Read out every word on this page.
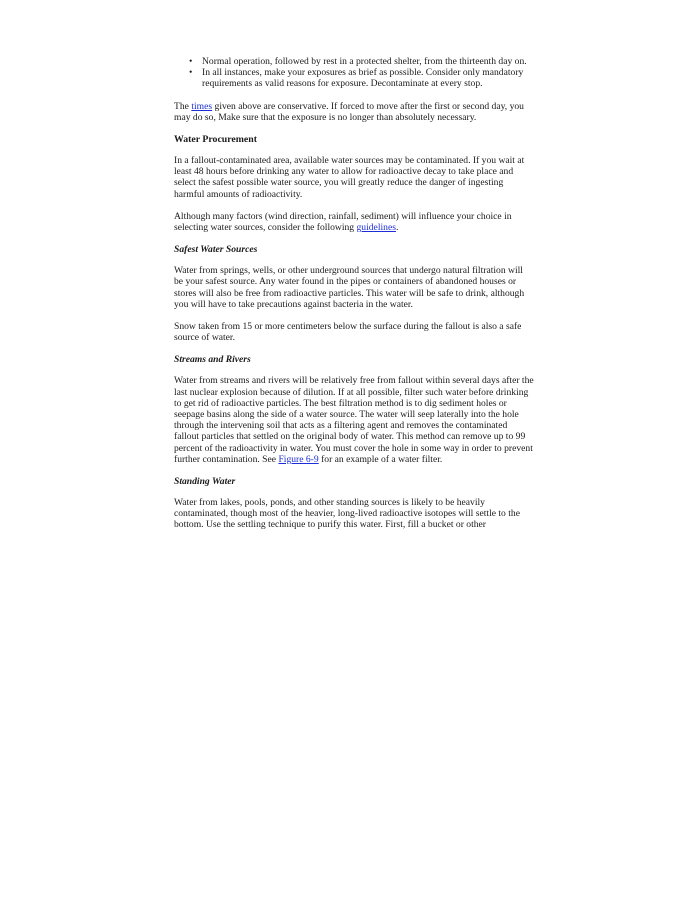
• Normal operation, followed by rest in a protected shelter, from the thirteenth day on.
• In all instances, make your exposures as brief as possible. Consider only mandatory requirements as valid reasons for exposure. Decontaminate at every stop.

The times given above are conservative. If forced to move after the first or second day, you may do so, Make sure that the exposure is no longer than absolutely necessary.

Water Procurement

In a fallout-contaminated area, available water sources may be contaminated. If you wait at least 48 hours before drinking any water to allow for radioactive decay to take place and select the safest possible water source, you will greatly reduce the danger of ingesting harmful amounts of radioactivity.

Although many factors (wind direction, rainfall, sediment) will influence your choice in selecting water sources, consider the following guidelines.

Safest Water Sources

Water from springs, wells, or other underground sources that undergo natural filtration will be your safest source. Any water found in the pipes or containers of abandoned houses or stores will also be free from radioactive particles. This water will be safe to drink, although you will have to take precautions against bacteria in the water.

Snow taken from 15 or more centimeters below the surface during the fallout is also a safe source of water.

Streams and Rivers

Water from streams and rivers will be relatively free from fallout within several days after the last nuclear explosion because of dilution. If at all possible, filter such water before drinking to get rid of radioactive particles. The best filtration method is to dig sediment holes or seepage basins along the side of a water source. The water will seep laterally into the hole through the intervening soil that acts as a filtering agent and removes the contaminated fallout particles that settled on the original body of water. This method can remove up to 99 percent of the radioactivity in water. You must cover the hole in some way in order to prevent further contamination. See Figure 6-9 for an example of a water filter.

Standing Water

Water from lakes, pools, ponds, and other standing sources is likely to be heavily contaminated, though most of the heavier, long-lived radioactive isotopes will settle to the bottom. Use the settling technique to purify this water. First, fill a bucket or other
